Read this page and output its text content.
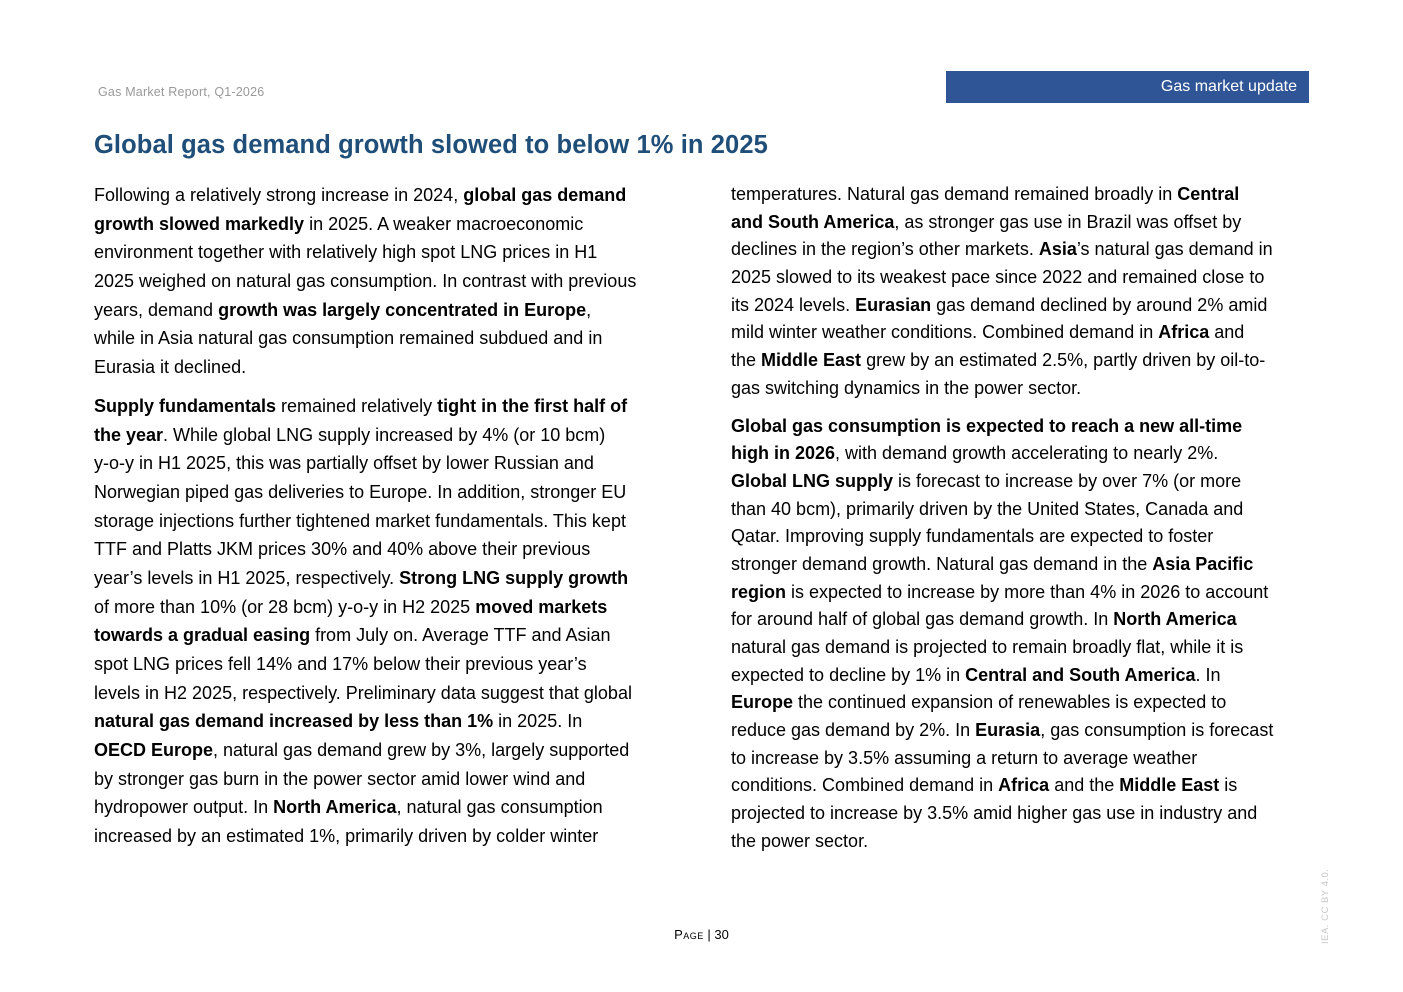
Gas Market Report, Q1-2026	Gas market update
Global gas demand growth slowed to below 1% in 2025
Following a relatively strong increase in 2024, global gas demand
growth slowed markedly in 2025. A weaker macroeconomic
environment together with relatively high spot LNG prices in H1
2025 weighed on natural gas consumption. In contrast with previous
years, demand growth was largely concentrated in Europe,
while in Asia natural gas consumption remained subdued and in
Eurasia it declined.
Supply fundamentals remained relatively tight in the first half of
the year. While global LNG supply increased by 4% (or 10 bcm)
y-o-y in H1 2025, this was partially offset by lower Russian and
Norwegian piped gas deliveries to Europe. In addition, stronger EU
storage injections further tightened market fundamentals. This kept
TTF and Platts JKM prices 30% and 40% above their previous
year’s levels in H1 2025, respectively. Strong LNG supply growth
of more than 10% (or 28 bcm) y-o-y in H2 2025 moved markets
towards a gradual easing from July on. Average TTF and Asian
spot LNG prices fell 14% and 17% below their previous year’s
levels in H2 2025, respectively. Preliminary data suggest that global
natural gas demand increased by less than 1% in 2025. In
OECD Europe, natural gas demand grew by 3%, largely supported
by stronger gas burn in the power sector amid lower wind and
hydropower output. In North America, natural gas consumption
increased by an estimated 1%, primarily driven by colder winter
temperatures. Natural gas demand remained broadly in Central
and South America, as stronger gas use in Brazil was offset by
declines in the region’s other markets. Asia’s natural gas demand in
2025 slowed to its weakest pace since 2022 and remained close to
its 2024 levels. Eurasian gas demand declined by around 2% amid
mild winter weather conditions. Combined demand in Africa and
the Middle East grew by an estimated 2.5%, partly driven by oil-to-
gas switching dynamics in the power sector.
Global gas consumption is expected to reach a new all-time
high in 2026, with demand growth accelerating to nearly 2%.
Global LNG supply is forecast to increase by over 7% (or more
than 40 bcm), primarily driven by the United States, Canada and
Qatar. Improving supply fundamentals are expected to foster
stronger demand growth. Natural gas demand in the Asia Pacific
region is expected to increase by more than 4% in 2026 to account
for around half of global gas demand growth. In North America
natural gas demand is projected to remain broadly flat, while it is
expected to decline by 1% in Central and South America. In
Europe the continued expansion of renewables is expected to
reduce gas demand by 2%. In Eurasia, gas consumption is forecast
to increase by 3.5% assuming a return to average weather
conditions. Combined demand in Africa and the Middle East is
projected to increase by 3.5% amid higher gas use in industry and
the power sector.
Page | 30	IEA. CC BY 4.0.
